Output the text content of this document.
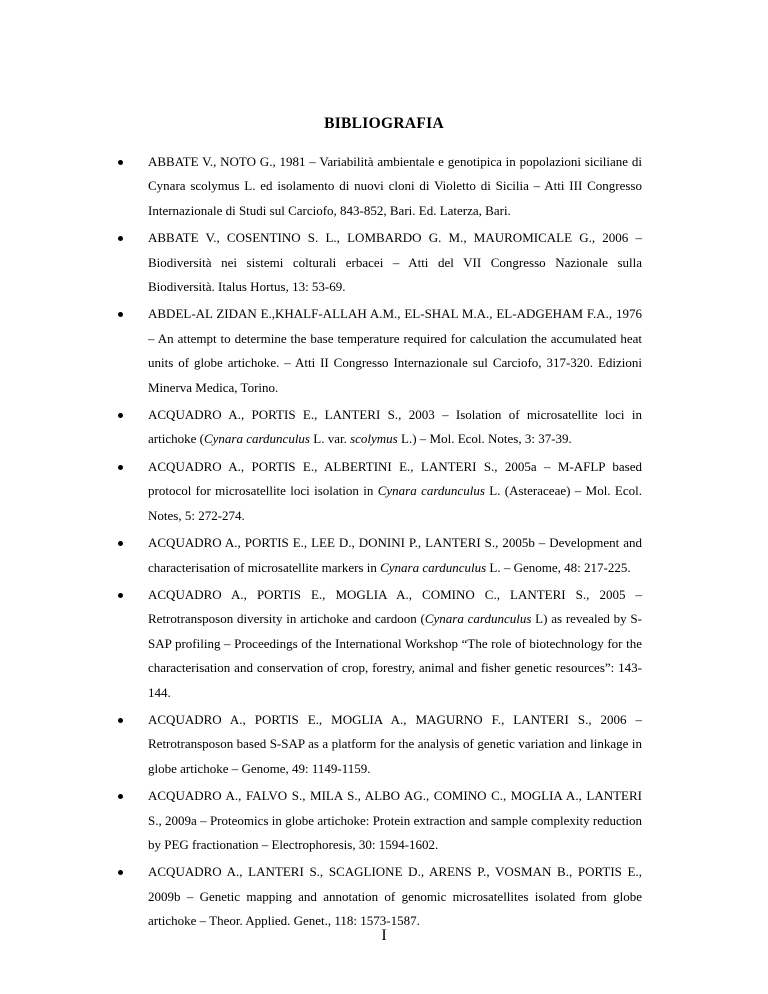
BIBLIOGRAFIA
ABBATE V., NOTO G., 1981 – Variabilità ambientale e genotipica in popolazioni siciliane di Cynara scolymus L. ed isolamento di nuovi cloni di Violetto di Sicilia – Atti III Congresso Internazionale di Studi sul Carciofo, 843-852, Bari. Ed. Laterza, Bari.
ABBATE V., COSENTINO S. L., LOMBARDO G. M., MAUROMICALE G., 2006 – Biodiversità nei sistemi colturali erbacei – Atti del VII Congresso Nazionale sulla Biodiversità. Italus Hortus, 13: 53-69.
ABDEL-AL ZIDAN E.,KHALF-ALLAH A.M., EL-SHAL M.A., EL-ADGEHAM F.A., 1976 – An attempt to determine the base temperature required for calculation the accumulated heat units of globe artichoke. – Atti II Congresso Internazionale sul Carciofo, 317-320. Edizioni Minerva Medica, Torino.
ACQUADRO A., PORTIS E., LANTERI S., 2003 – Isolation of microsatellite loci in artichoke (Cynara cardunculus L. var. scolymus L.) – Mol. Ecol. Notes, 3: 37-39.
ACQUADRO A., PORTIS E., ALBERTINI E., LANTERI S., 2005a – M-AFLP based protocol for microsatellite loci isolation in Cynara cardunculus L. (Asteraceae) – Mol. Ecol. Notes, 5: 272-274.
ACQUADRO A., PORTIS E., LEE D., DONINI P., LANTERI S., 2005b – Development and characterisation of microsatellite markers in Cynara cardunculus L. – Genome, 48: 217-225.
ACQUADRO A., PORTIS E., MOGLIA A., COMINO C., LANTERI S., 2005 – Retrotransposon diversity in artichoke and cardoon (Cynara cardunculus L) as revealed by S-SAP profiling – Proceedings of the International Workshop “The role of biotechnology for the characterisation and conservation of crop, forestry, animal and fisher genetic resources”: 143-144.
ACQUADRO A., PORTIS E., MOGLIA A., MAGURNO F., LANTERI S., 2006 – Retrotransposon based S-SAP as a platform for the analysis of genetic variation and linkage in globe artichoke – Genome, 49: 1149-1159.
ACQUADRO A., FALVO S., MILA S., ALBO AG., COMINO C., MOGLIA A., LANTERI S., 2009a – Proteomics in globe artichoke: Protein extraction and sample complexity reduction by PEG fractionation – Electrophoresis, 30: 1594-1602.
ACQUADRO A., LANTERI S., SCAGLIONE D., ARENS P., VOSMAN B., PORTIS E., 2009b – Genetic mapping and annotation of genomic microsatellites isolated from globe artichoke – Theor. Applied. Genet., 118: 1573-1587.
I
